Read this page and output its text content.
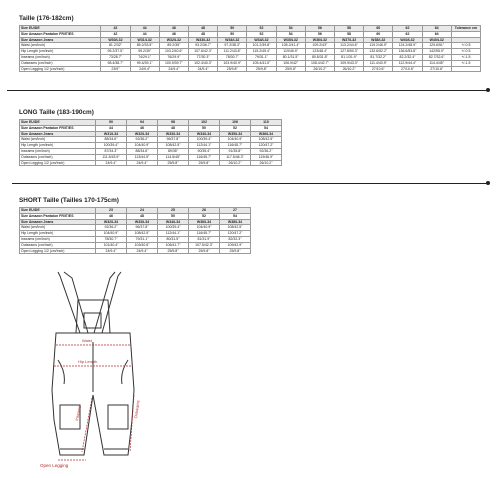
Taille (176-182cm)
Size EU/DE	42	44	46	48	50	52	54	56	58	60	62	64	Tolerance cm
Size Amazon Pantalon FR/IT/ES	42	44	46	48	50	52	54	56	58	60	62	64	
Size Amazon Jeans	W30/L32	W31/L32	W32/L32	W33/L32	W34/L32	W34/L32	W35/L32	W36/L32	W37/L32	W38/L32	W40/L32	W40/L32	
Waist (cm/Inch)	81.2/32"	85.2/33.5"	89.2/35"	93.2/36.7"	97.2/38.3"	101.2/39.8"	105.2/41.4"	109.2/43"	113.2/44.6"	119.2/46.9"	124.2/48.9"	129.6/51"	+/-0.5
Hip Length (cm/inch)	95.2/37.5"	99.2/39"	103.2/40.6"	107.6/42.3"	111.2/43.8"	115.2/45.4"	119/46.9"	123/48.4"	127.8/50.3"	132.6/52.2"	136.6/53.8"	142/55.9"	+/-0.5
Inseams (cm/Inch)	73/28.7"	74/29.1"	76/29.9"	77/30.3"	78/30.7"	79/31.1"	80.1/31.5"	80.8/31.8"	81.1/31.9"	81.7/32.2"	82.2/32.4"	82.7/32.6"	+/-1.5
Outseams (cm/Inch)	98.4/38.7"	99.4/39.1"	100.9/39.7"	102.4/40.3"	103.9/40.9"	105.4/41.5"	106.9/42"	108.4/42.7"	109.9/43.3"	111.4/43.9"	112.9/44.4"	114.4/45"	+/-1.5
Open Legging 1/2 (cm/Inch)	23/9"	24/9.4"	24/9.4"	24/9.4"	25/9.8"	25/9.8"	25/9.8"	26/10.2"	26/10.2"	27/10.6"	27/10.6"	27/10.6"	
LONG Taille (183-190cm)
Size EU/DE	90	94	98	102	106	110
Size Amazon Pantalon FR/IT/ES	44	46	48	50	52	54
Size Amazon Jeans	W31/L34	W32/L34	W33/L34	W34/L34	W35/L34	W36/L34
Waist (cm/Inch)	88/34.6"	92/36.2"	96/37.8"	100/39.4"	104/40.9"	108/42.5"
Hip Length (cm/inch)	100/39.4"	104/40.9"	108/42.5"	112/44.1"	116/45.7"	120/47.2"
Inseams (cm/Inch)	87/34.3"	88/34.6"	89/35"	90/35.4"	91/35.8"	92/36.2"
Outseams (cm/Inch)	111.5/43.9"	113/44.5"	114.5/45"	116/45.7"	117.5/46.3"	119/46.9"
Open Legging 1/2 (cm/Inch)	24/9.4"	24/9.4"	25/9.8"	25/9.8"	26/10.2"	26/10.2"
SHORT Taille (Tailles 170-175cm)
Size EU/DE	23	24	25	26	27
Size Amazon Pantalon FR/IT/ES	46	48	50	52	54
Size Amazon Jeans	W32/L34	W33/L34	W34/L34	W36/L34	W38/L34
Waist (cm/Inch)	92/36.2"	96/37.8"	100/39.4"	104/40.9"	108/42.5"
Hip Length (cm/inch)	104/40.9"	108/42.5"	112/44.1"	116/45.7"	120/47.2"
Inseams (cm/Inch)	78/30.7"	79/31.1"	80/31.5"	81/31.9"	82/32.3"
Outseams (cm/Inch)	101/40.4"	103/40.6"	106/41.7"	107.5/42.3"	109/42.9"
Open Legging 1/2 (cm/Inch)	24/9.4"	24/9.4"	25/9.8"	25/9.8"	25/9.8"
Waist
Hip Length
Inseams	Outseams
Open Legging
